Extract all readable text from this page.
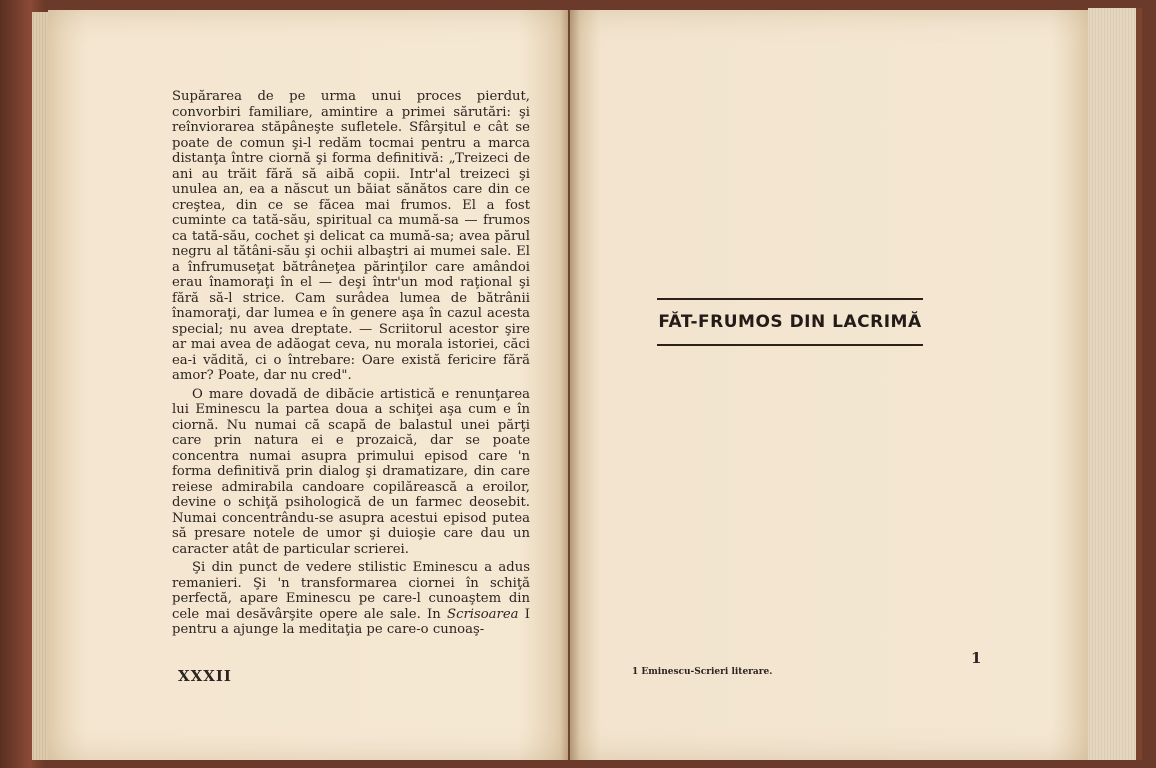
Supărarea de pe urma unui proces pierdut, convorbiri familiare, amintire a primei sărutări: şi reînviorarea stăpâneşte sufletele. Sfârşitul e cât se poate de comun şi-l redăm tocmai pentru a marca distanţa între ciornă şi forma definitivă: „Treizeci de ani au trăit fără să aibă copii. Intr'al treizeci şi unulea an, ea a născut un băiat sănătos care din ce creştea, din ce se făcea mai frumos. El a fost cuminte ca tată-său, spiritual ca mumă-sa — frumos ca tată-său, cochet şi delicat ca mumă-sa; avea părul negru al tătâni-său şi ochii albaştri ai mumei sale. El a înfrumuseţat bătrâneţea părinţilor care amândoi erau înamoraţi în el — deşi într'un mod raţional şi fără să-l strice. Cam surâdea lumea de bătrânii înamoraţi, dar lumea e în genere aşa în cazul acesta special; nu avea dreptate. — Scriitorul acestor şire ar mai avea de adăogat ceva, nu morala istoriei, căci ea-i vădită, ci o întrebare: Oare există fericire fără amor? Poate, dar nu cred".

O mare dovadă de dibăcie artistică e renunţarea lui Eminescu la partea doua a schiţei aşa cum e în ciornă. Nu numai că scapă de balastul unei părţi care prin natura ei e prozaică, dar se poate concentra numai asupra primului episod care 'n forma definitivă prin dialog şi dramatizare, din care reiese admirabila candoare copilărească a eroilor, devine o schiţă psihologică de un farmec deosebit. Numai concentrându-se asupra acestui episod putea să presare notele de umor şi duioşie care dau un caracter atât de particular scrierei.

Şi din punct de vedere stilistic Eminescu a adus remanieri. Şi 'n transformarea ciornei în schiţă perfectă, apare Eminescu pe care-l cunoaştem din cele mai desăvârşite opere ale sale. In Scrisoarea I pentru a ajunge la meditaţia pe care-o cunoaş-

XXXII
FĂT-FRUMOS DIN LACRIMĂ
1 Eminescu-Scrieri literare.
1
